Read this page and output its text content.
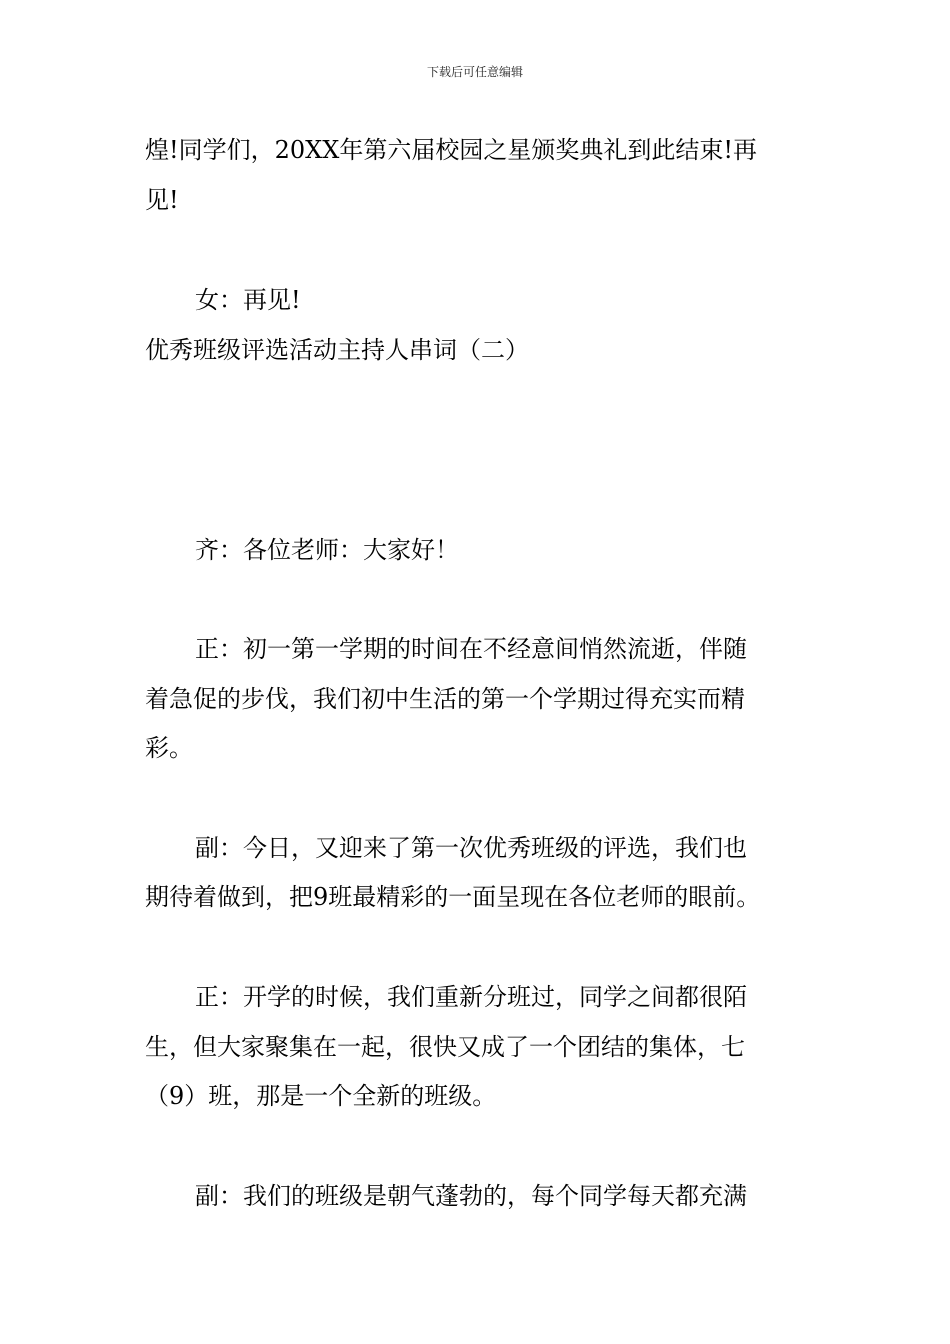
下载后可任意编辑
煌!同学们，20XX年第六届校园之星颁奖典礼到此结束!再
见!
女：再见!
优秀班级评选活动主持人串词（二）
齐：各位老师：大家好！
正：初一第一学期的时间在不经意间悄然流逝，伴随
着急促的步伐，我们初中生活的第一个学期过得充实而精
彩。
副：今日，又迎来了第一次优秀班级的评选，我们也
期待着做到，把9班最精彩的一面呈现在各位老师的眼前。
正：开学的时候，我们重新分班过，同学之间都很陌
生，但大家聚集在一起，很快又成了一个团结的集体，七
（9）班，那是一个全新的班级。
副：我们的班级是朝气蓬勃的，每个同学每天都充满
